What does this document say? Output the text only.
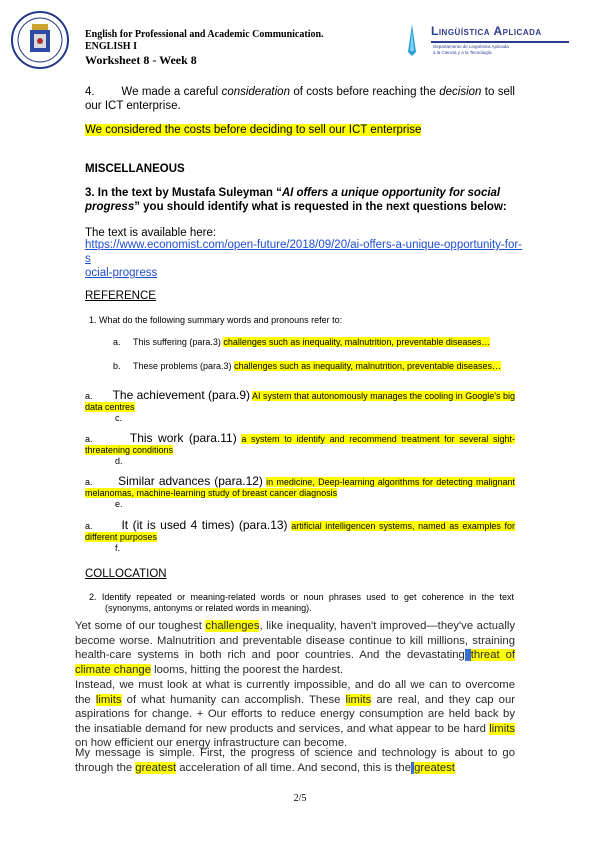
English for Professional and Academic Communication.
ENGLISH I
Worksheet 8 - Week 8
Lingüística Aplicada
Departamento de Lingüística Aplicada
a la Ciencia y a la Tecnología
4. We made a careful consideration of costs before reaching the decision to sell our ICT enterprise.
We considered the costs before deciding to sell our ICT enterprise
MISCELLANEOUS
3. In the text by Mustafa Suleyman “AI offers a unique opportunity for social progress” you should identify what is requested in the next questions below:
The text is available here:
https://www.economist.com/open-future/2018/09/20/ai-offers-a-unique-opportunity-for-s
ocial-progress
REFERENCE
1. What do the following summary words and pronouns refer to:
a. This suffering (para.3) challenges such as inequality, malnutrition, preventable diseases…
b. These problems (para.3) challenges such as inequality, malnutrition, preventable diseases…
a. The achievement (para.9) AI system that autonomously manages the cooling in Google's big data centres
c.
a.	This work (para.11) a system to identify and recommend treatment for several sight-threatening conditions
d.
a. Similar advances (para.12) in medicine, Deep-learning algorithms for detecting malignant melanomas, machine-learning study of breast cancer diagnosis
e.
a. It (it is used 4 times) (para.13) artificial intelligencen systems, named as examples for different purposes
f.
COLLOCATION
2. Identify repeated or meaning-related words or noun phrases used to get coherence in the text (synonyms, antonyms or related words in meaning).
Yet some of our toughest challenges, like inequality, haven't improved—they've actually become worse. Malnutrition and preventable disease continue to kill millions, straining health-care systems in both rich and poor countries. And the devastating threat of climate change looms, hitting the poorest the hardest.
Instead, we must look at what is currently impossible, and do all we can to overcome the limits of what humanity can accomplish. These limits are real, and they cap our aspirations for change. + Our efforts to reduce energy consumption are held back by the insatiable demand for new products and services, and what appear to be hard limits on how efficient our energy infrastructure can become.
My message is simple. First, the progress of science and technology is about to go through the greatest acceleration of all time. And second, this is the greatest
2/5
